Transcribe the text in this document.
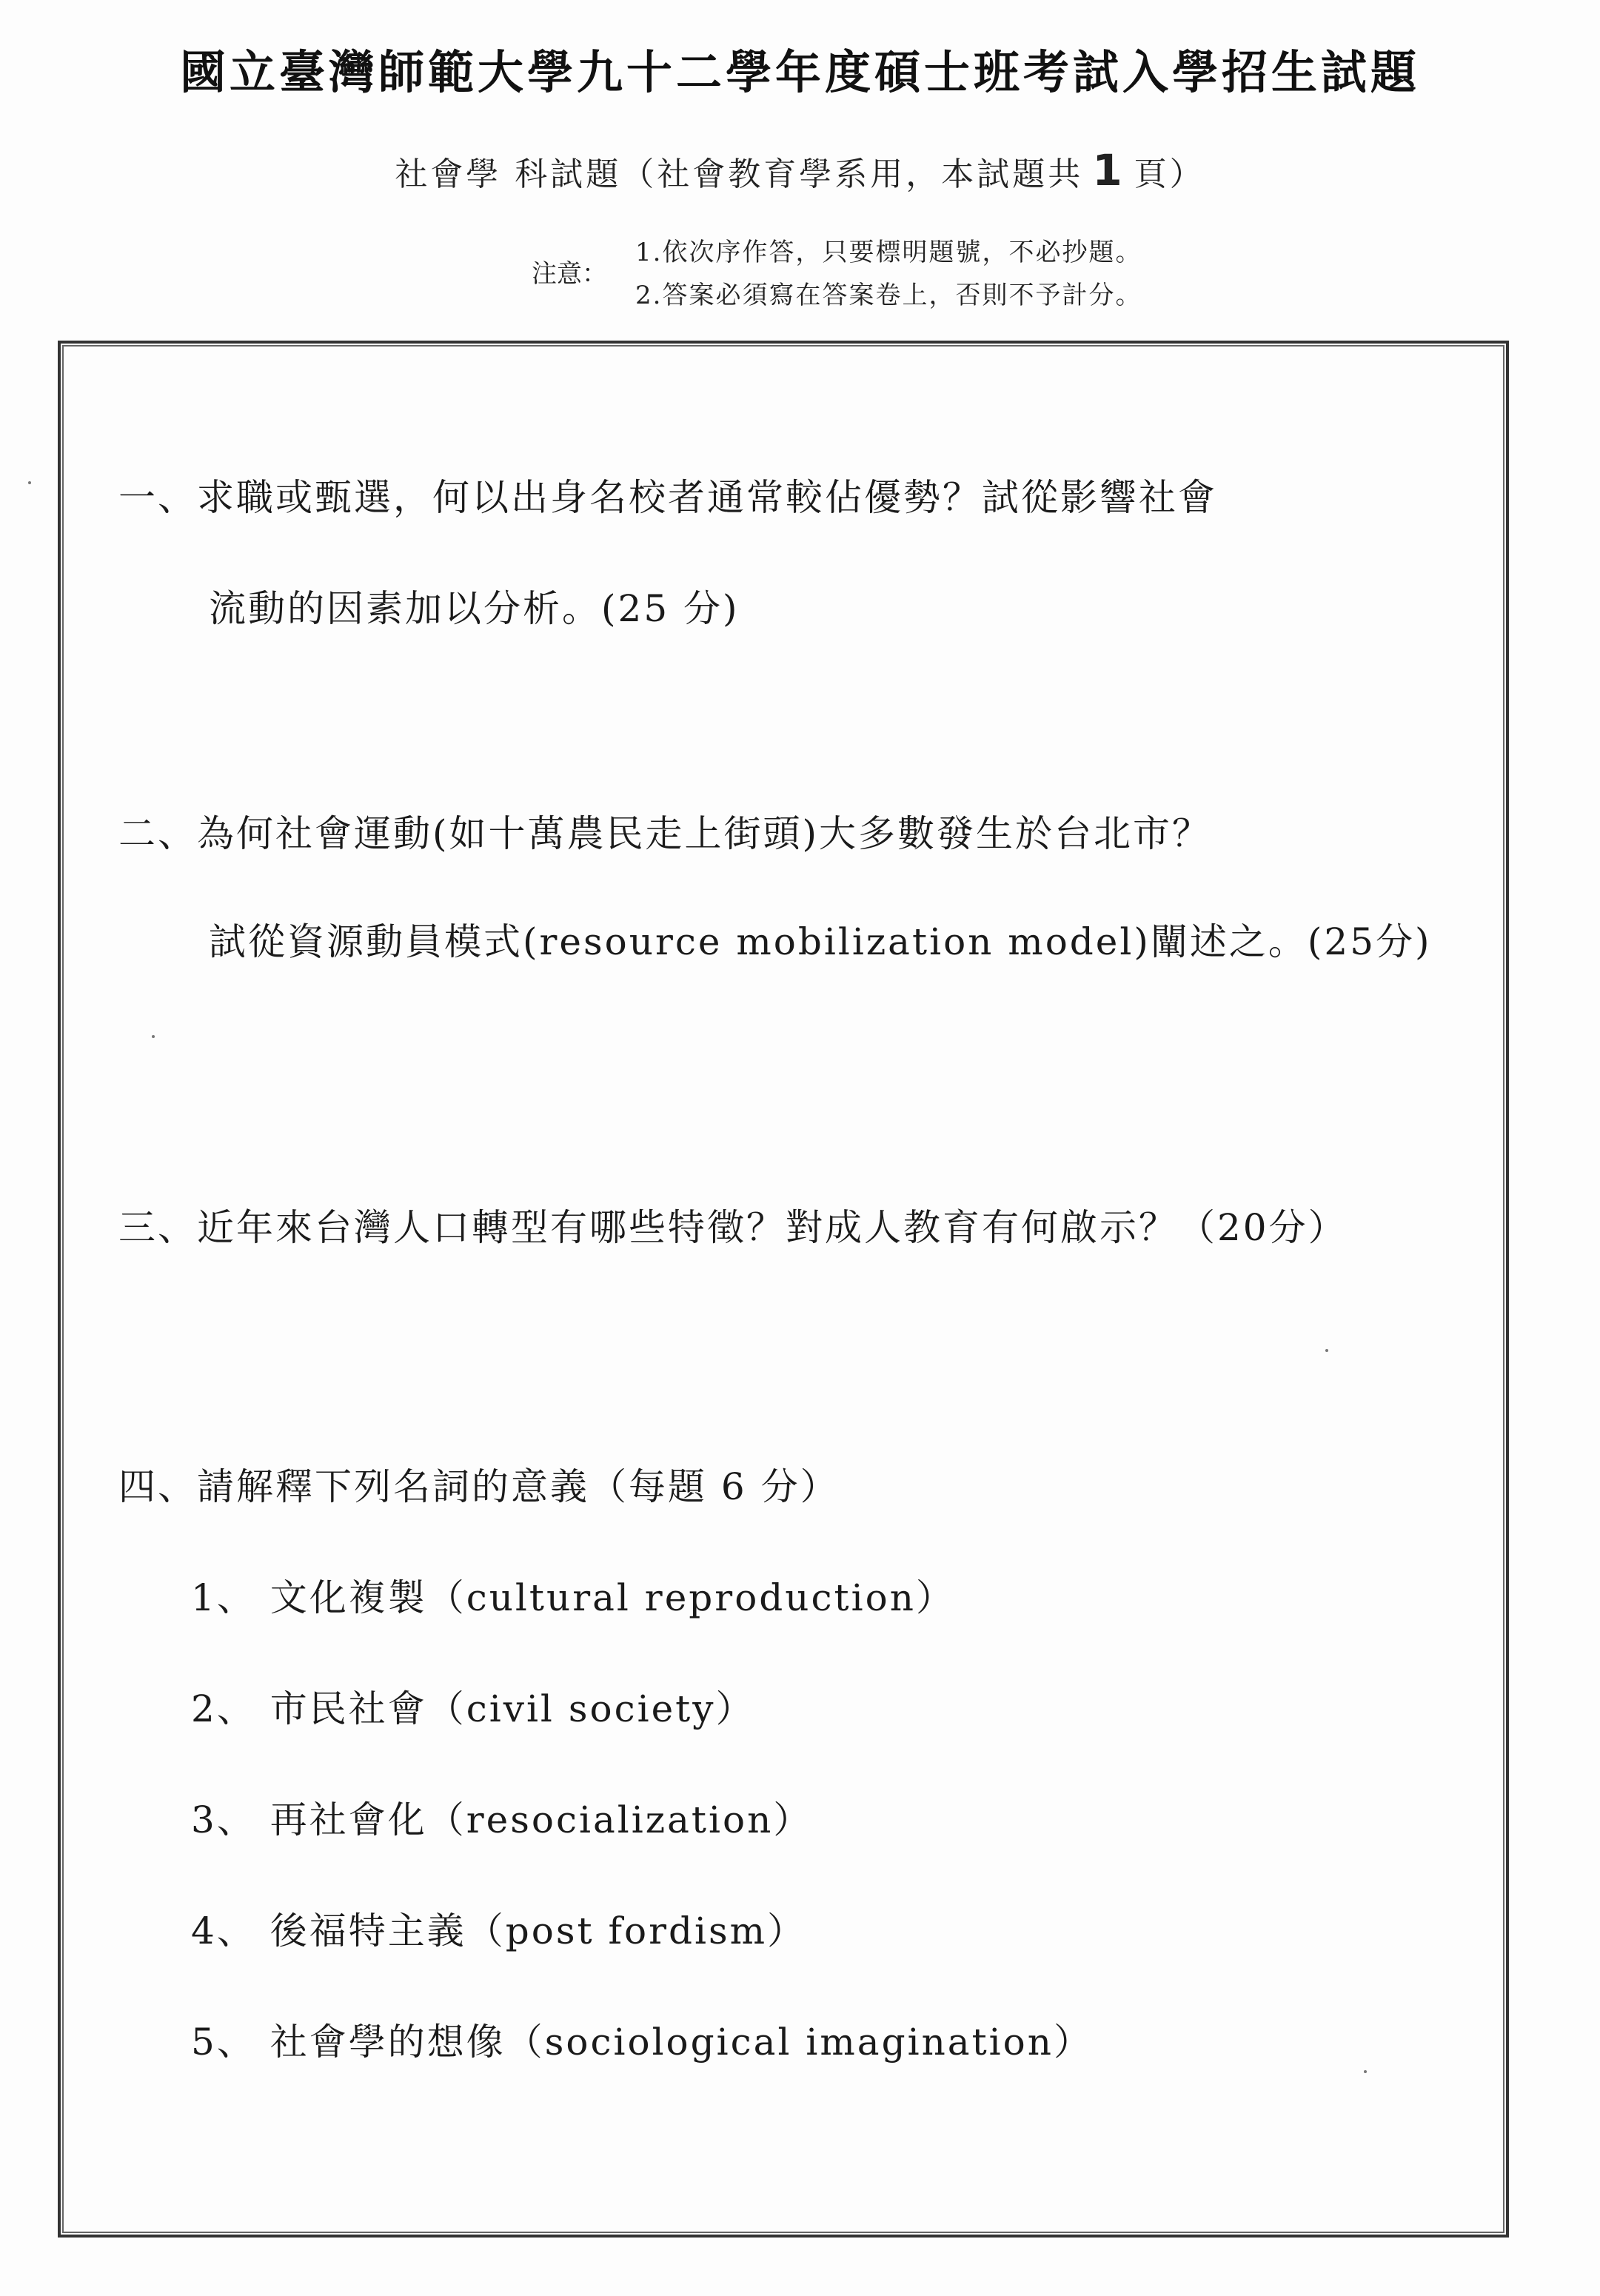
國立臺灣師範大學九十二學年度碩士班考試入學招生試題
社會學 科試題（社會教育學系用，本試題共 1 頁）
注意：
1.依次序作答，只要標明題號，不必抄題。
2.答案必須寫在答案卷上，否則不予計分。
一、求職或甄選，何以出身名校者通常較佔優勢？試從影響社會
流動的因素加以分析。(25 分)
二、為何社會運動(如十萬農民走上街頭)大多數發生於台北市？
試從資源動員模式(resource mobilization model)闡述之。(25分)
三、近年來台灣人口轉型有哪些特徵？對成人教育有何啟示？（20分）
四、請解釋下列名詞的意義（每題 6 分）
1、 文化複製（cultural reproduction）
2、 市民社會（civil society）
3、 再社會化（resocialization）
4、 後福特主義（post fordism）
5、 社會學的想像（sociological imagination）
